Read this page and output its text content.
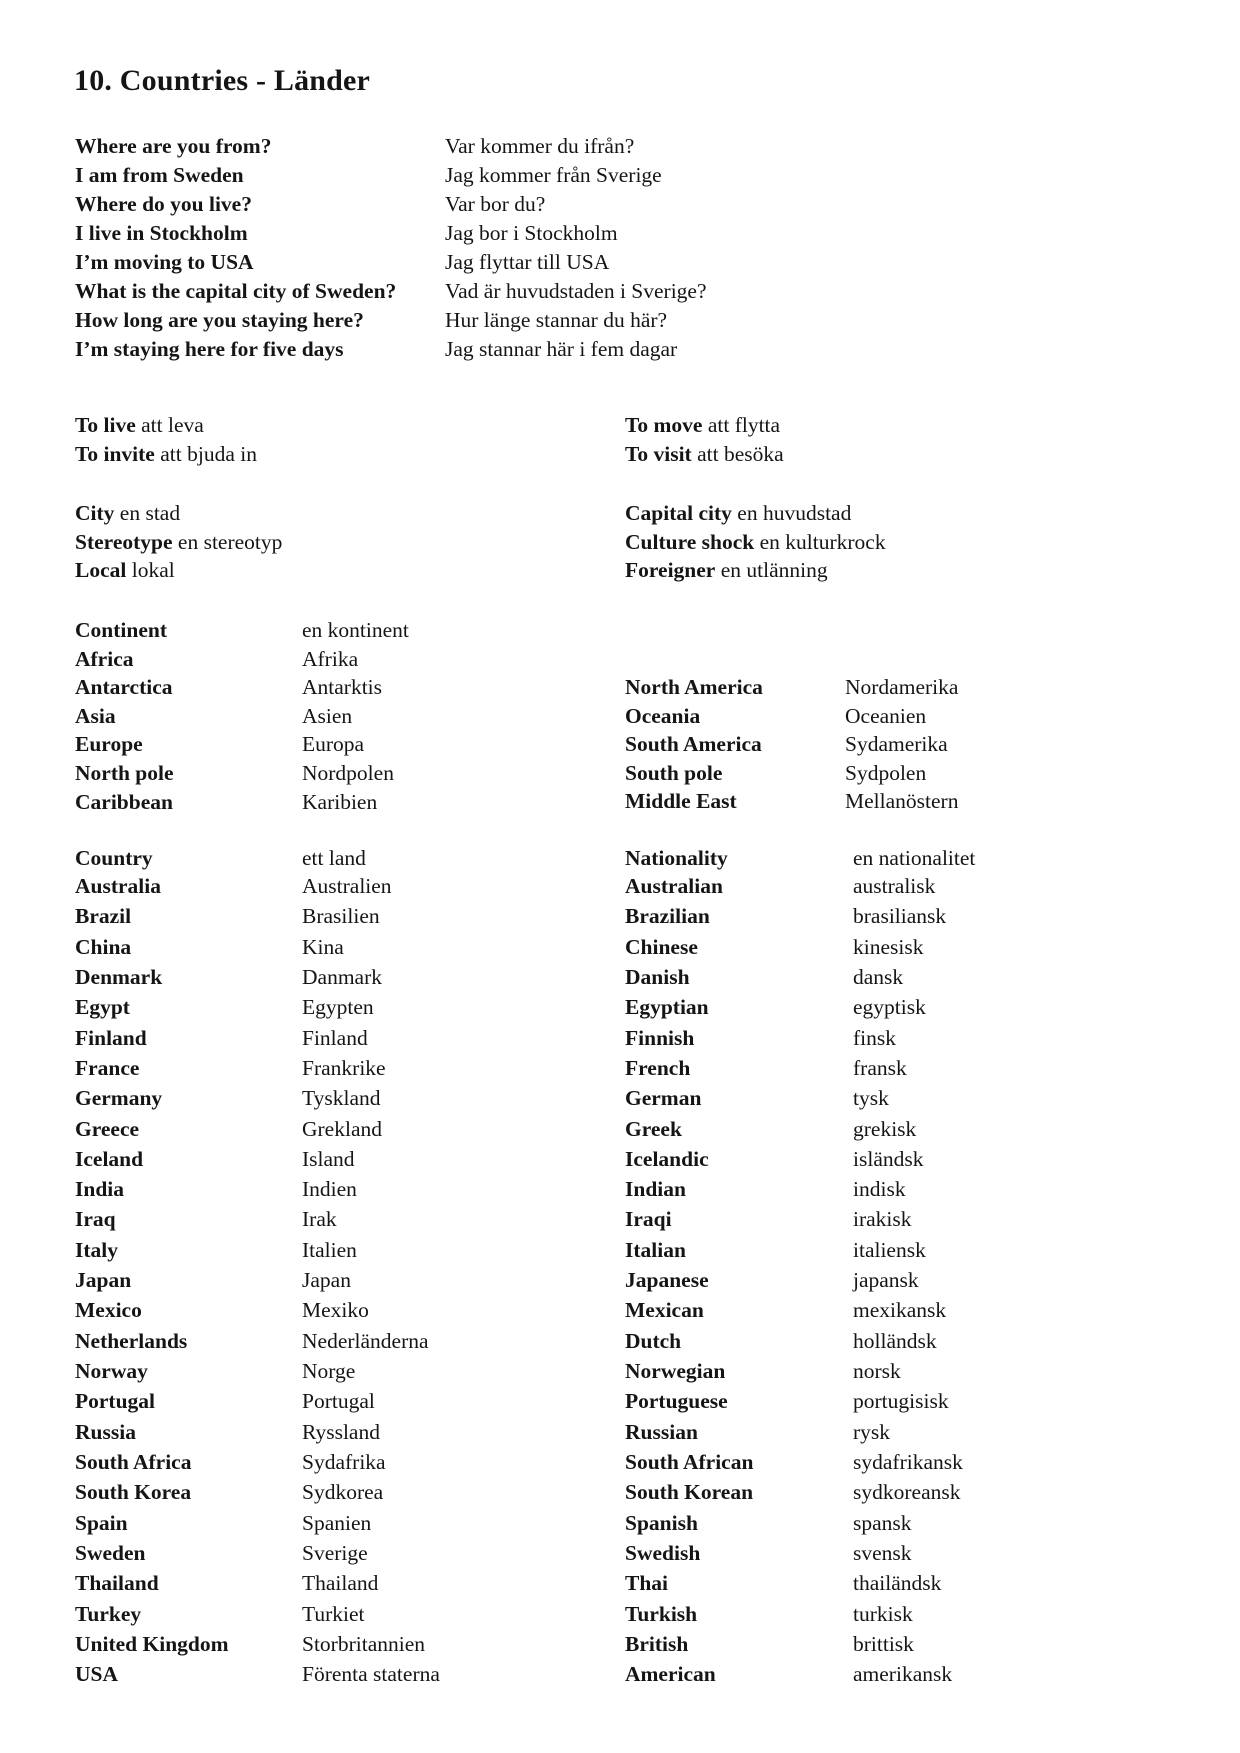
10. Countries - Länder
Where are you from?	Var kommer du ifrån?
I am from Sweden	Jag kommer från Sverige
Where do you live?	Var bor du?
I live in Stockholm	Jag bor i Stockholm
I’m moving to USA	Jag flyttar till USA
What is the capital city of Sweden?	Vad är huvudstaden i Sverige?
How long are you staying here?	Hur länge stannar du här?
I’m staying here for five days	Jag stannar här i fem dagar
To live att leva
To invite att bjuda in
To move att flytta
To visit att besöka
City en stad
Stereotype en stereotyp
Local lokal
Capital city en huvudstad
Culture shock en kulturkrock
Foreigner en utlänning
Continent	en kontinent
Africa	Afrika
Antarctica	Antarktis
Asia	Asien
Europe	Europa
North pole	Nordpolen
Caribbean	Karibien
North America	Nordamerika
Oceania	Oceanien
South America	Sydamerika
South pole	Sydpolen
Middle East	Mellanöstern
Country	ett land	Nationality	en nationalitet
Australia	Australien	Australian	australisk
Brazil	Brasilien	Brazilian	brasiliansk
China	Kina	Chinese	kinesisk
Denmark	Danmark	Danish	dansk
Egypt	Egypten	Egyptian	egyptisk
Finland	Finland	Finnish	finsk
France	Frankrike	French	fransk
Germany	Tyskland	German	tysk
Greece	Grekland	Greek	grekisk
Iceland	Island	Icelandic	isländsk
India	Indien	Indian	indisk
Iraq	Irak	Iraqi	irakisk
Italy	Italien	Italian	italiensk
Japan	Japan	Japanese	japansk
Mexico	Mexiko	Mexican	mexikansk
Netherlands	Nederländerna	Dutch	holländsk
Norway	Norge	Norwegian	norsk
Portugal	Portugal	Portuguese	portugisisk
Russia	Ryssland	Russian	rysk
South Africa	Sydafrika	South African	sydafrikansk
South Korea	Sydkorea	South Korean	sydkoreansk
Spain	Spanien	Spanish	spansk
Sweden	Sverige	Swedish	svensk
Thailand	Thailand	Thai	thailändsk
Turkey	Turkiet	Turkish	turkisk
United Kingdom	Storbritannien	British	brittisk
USA	Förenta staterna	American	amerikansk
